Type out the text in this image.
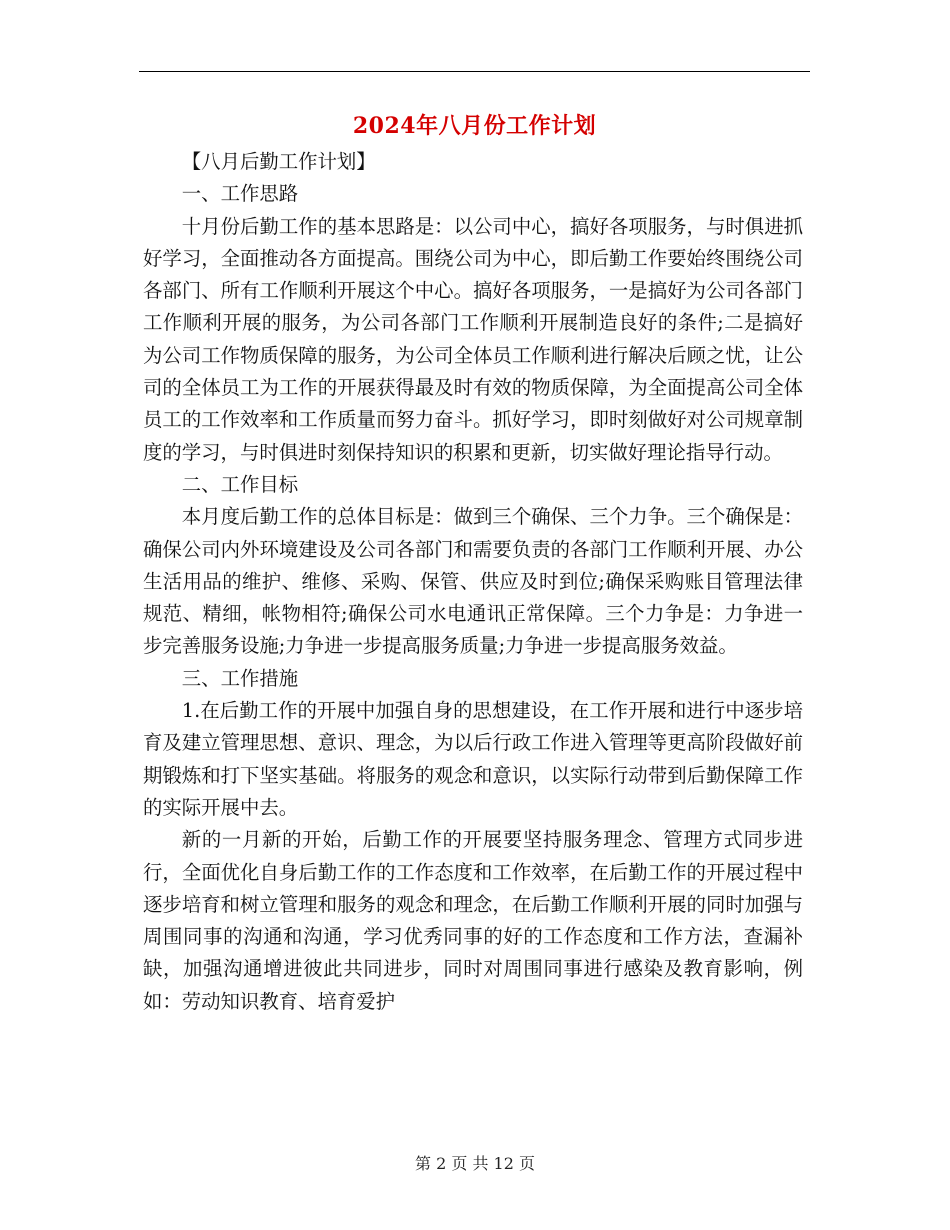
2024年八月份工作计划

【八月后勤工作计划】

一、工作思路

十月份后勤工作的基本思路是：以公司中心，搞好各项服务，与时俱进抓好学习，全面推动各方面提高。围绕公司为中心，即后勤工作要始终围绕公司各部门、所有工作顺利开展这个中心。搞好各项服务，一是搞好为公司各部门工作顺利开展的服务，为公司各部门工作顺利开展制造良好的条件;二是搞好为公司工作物质保障的服务，为公司全体员工作顺利进行解决后顾之忧，让公司的全体员工为工作的开展获得最及时有效的物质保障，为全面提高公司全体员工的工作效率和工作质量而努力奋斗。抓好学习，即时刻做好对公司规章制度的学习，与时俱进时刻保持知识的积累和更新，切实做好理论指导行动。

二、工作目标

本月度后勤工作的总体目标是：做到三个确保、三个力争。三个确保是：确保公司内外环境建设及公司各部门和需要负责的各部门工作顺利开展、办公生活用品的维护、维修、采购、保管、供应及时到位;确保采购账目管理法律规范、精细，帐物相符;确保公司水电通讯正常保障。三个力争是：力争进一步完善服务设施;力争进一步提高服务质量;力争进一步提高服务效益。

三、工作措施

1.在后勤工作的开展中加强自身的思想建设，在工作开展和进行中逐步培育及建立管理思想、意识、理念，为以后行政工作进入管理等更高阶段做好前期锻炼和打下坚实基础。将服务的观念和意识，以实际行动带到后勤保障工作的实际开展中去。

新的一月新的开始，后勤工作的开展要坚持服务理念、管理方式同步进行，全面优化自身后勤工作的工作态度和工作效率，在后勤工作的开展过程中逐步培育和树立管理和服务的观念和理念，在后勤工作顺利开展的同时加强与周围同事的沟通和沟通，学习优秀同事的好的工作态度和工作方法，查漏补缺，加强沟通增进彼此共同进步，同时对周围同事进行感染及教育影响，例如：劳动知识教育、培育爱护

第 2 页 共 12 页
